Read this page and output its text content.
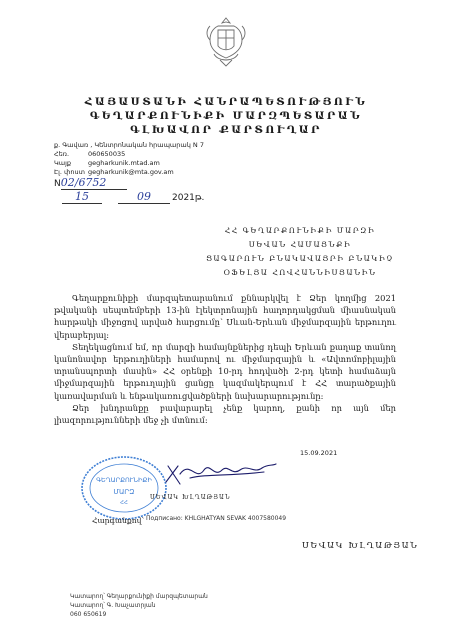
ՀԱՅԱՍՏԱՆԻ ՀԱՆՐԱՊԵՏՈՒԹՅՈՒՆ
ԳԵՂԱՐՔՈՒՆԻՔԻ ՄԱՐԶՊԵՏԱՐԱՆ
ԳԼԽԱՎՈՐ ՔԱՐՏՈՒՂԱՐ
ք. Գավառ , Կենտրոնական հրապարակ N 7
Հեռ.	060650035
Կայք	gegharkunik.mtad.am
Էլ. փոստ gegharkunik@mta.gov.am
N02/6752
15	09 2021թ.
ՀՀ ԳԵՂԱՐՔՈՒՆԻՔԻ ՄԱՐԶԻ
ՍԵՎԱՆ ՀԱՄԱՅՆՔԻ
ՑԱԳԱՐՈՒՆ ԲՆԱԿԱՎԱՅՐԻ ԲՆԱԿԻՉ
ՕՖԵԼՅԱ ՀՈՎՀԱՆՆԻՍՅԱՆԻՆ

Գեղարքունիքի մարզպետարանում քննարկվել է Ձեր կողմից 2021 թվականի սեպտեմբերի 13-ին էլեկտրոնային հաղորդակցման միասնական հարթակի միջոցով արված հարցումը՝ Սևան-Երևան միջմարզային երթուղու վերաբերյալ:

Տեղեկացնում եմ, որ մարզի համայնքներից դեպի Երևան քաղաք տանող կանոնավոր երթուղիների համարով ու միջմարզային և «Ավտոմոբիլային տրանսպորտի մասին» ՀՀ օրենքի 10-րդ հոդվածի 2-րդ կետի համաձայն միջմարզային երթուղային ցանցը կազմակերպում է ՀՀ տարածքային կառավարման և ենթակառուցվածքների նախարարությունը:

Ձեր խնդրանքը բավարարել չենք կարող, քանի որ այն մեր լիազորությունների մեջ չի մտնում:

ԳԵՂԱՐՔՈՒՆԻՔԻ
ՄԱՐԶ
ՀՀ
15.09.2021
ՍԵՎԱԿ ԽԼՂԱԹՅԱՆ
Հարգանքով՝ Подписано: KHLGHATYAN SEVAK 4007580049
ՍԵՎԱԿ ԽԼՂԱԹՅԱՆ
Կատարող՝ Գեղարքունիքի մարզպետարան
Կատարող՝ Գ. Խաչատրյան
060 650619
